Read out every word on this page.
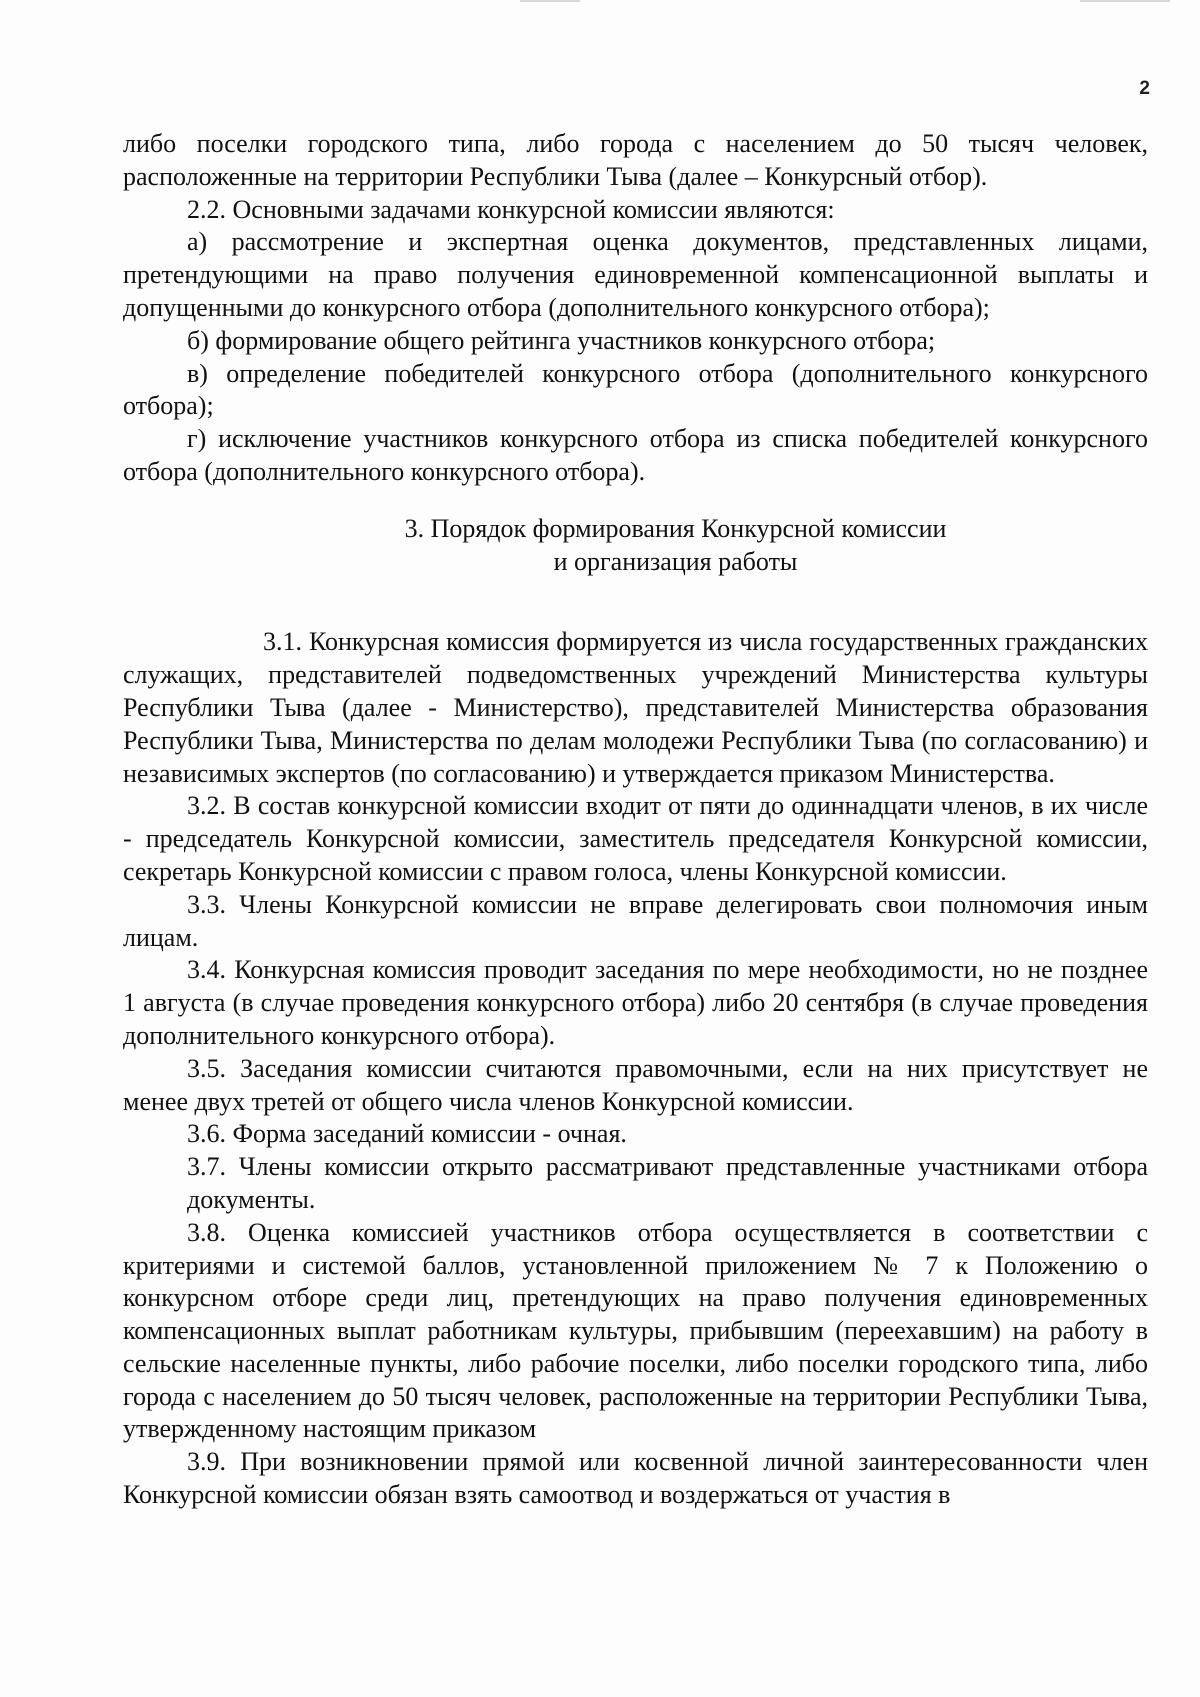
2

либо поселки городского типа, либо города с населением до 50 тысяч человек, расположенные на территории Республики Тыва (далее – Конкурсный отбор).

2.2. Основными задачами конкурсной комиссии являются:

а) рассмотрение и экспертная оценка документов, представленных лицами, претендующими на право получения единовременной компенсационной выплаты и допущенными до конкурсного отбора (дополнительного конкурсного отбора);

б) формирование общего рейтинга участников конкурсного отбора;

в) определение победителей конкурсного отбора (дополнительного конкурсного отбора);

г) исключение участников конкурсного отбора из списка победителей конкурсного отбора (дополнительного конкурсного отбора).

3. Порядок формирования Конкурсной комиссии
и организация работы

3.1. Конкурсная комиссия формируется из числа государственных гражданских служащих, представителей подведомственных учреждений Министерства культуры Республики Тыва (далее - Министерство), представителей Министерства образования Республики Тыва, Министерства по делам молодежи Республики Тыва (по согласованию) и независимых экспертов (по согласованию) и утверждается приказом Министерства.

3.2. В состав конкурсной комиссии входит от пяти до одиннадцати членов, в их числе - председатель Конкурсной комиссии, заместитель председателя Конкурсной комиссии, секретарь Конкурсной комиссии с правом голоса, члены Конкурсной комиссии.

3.3. Члены Конкурсной комиссии не вправе делегировать свои полномочия иным лицам.

3.4. Конкурсная комиссия проводит заседания по мере необходимости, но не позднее 1 августа (в случае проведения конкурсного отбора) либо 20 сентября (в случае проведения дополнительного конкурсного отбора).

3.5. Заседания комиссии считаются правомочными, если на них присутствует не менее двух третей от общего числа членов Конкурсной комиссии.

3.6. Форма заседаний комиссии - очная.

3.7. Члены комиссии открыто рассматривают представленные участниками отбора документы.

3.8. Оценка комиссией участников отбора осуществляется в соответствии с критериями и системой баллов, установленной приложением № 7 к Положению о конкурсном отборе среди лиц, претендующих на право получения единовременных компенсационных выплат работникам культуры, прибывшим (переехавшим) на работу в сельские населенные пункты, либо рабочие поселки, либо поселки городского типа, либо города с населением до 50 тысяч человек, расположенные на территории Республики Тыва, утвержденному настоящим приказом

3.9. При возникновении прямой или косвенной личной заинтересованности член Конкурсной комиссии обязан взять самоотвод и воздержаться от участия в
